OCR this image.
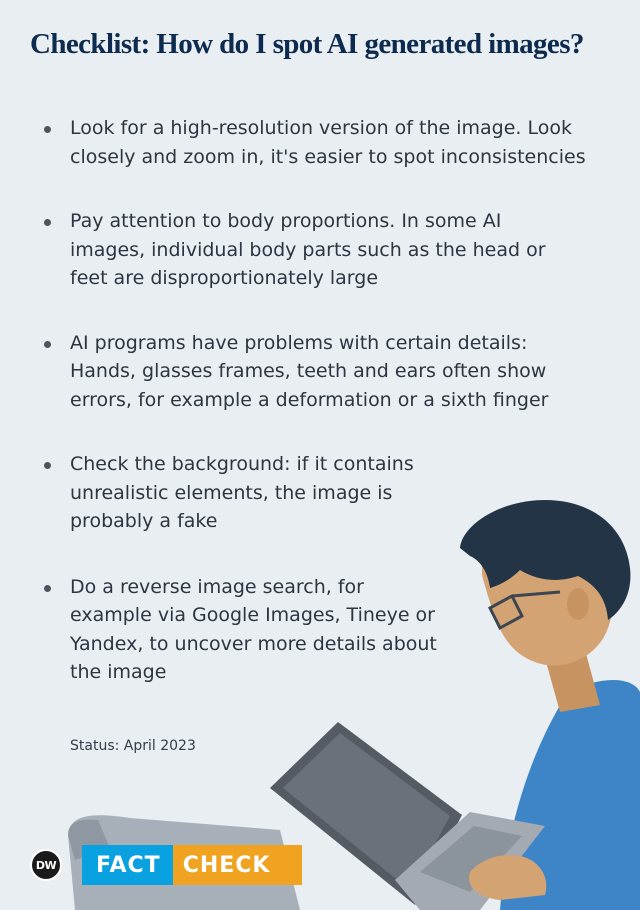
Checklist: How do I spot AI generated images?
Look for a high-resolution version of the image. Look closely and zoom in, it's easier to spot inconsistencies
Pay attention to body proportions. In some AI images, individual body parts such as the head or feet are disproportionately large
AI programs have problems with certain details: Hands, glasses frames, teeth and ears often show errors, for example a deformation or a sixth finger
Check the background: if it contains unrealistic elements, the image is probably a fake
Do a reverse image search, for example via Google Images, Tineye or Yandex, to uncover more details about the image
Status: April 2023
DW	FACT	CHECK
